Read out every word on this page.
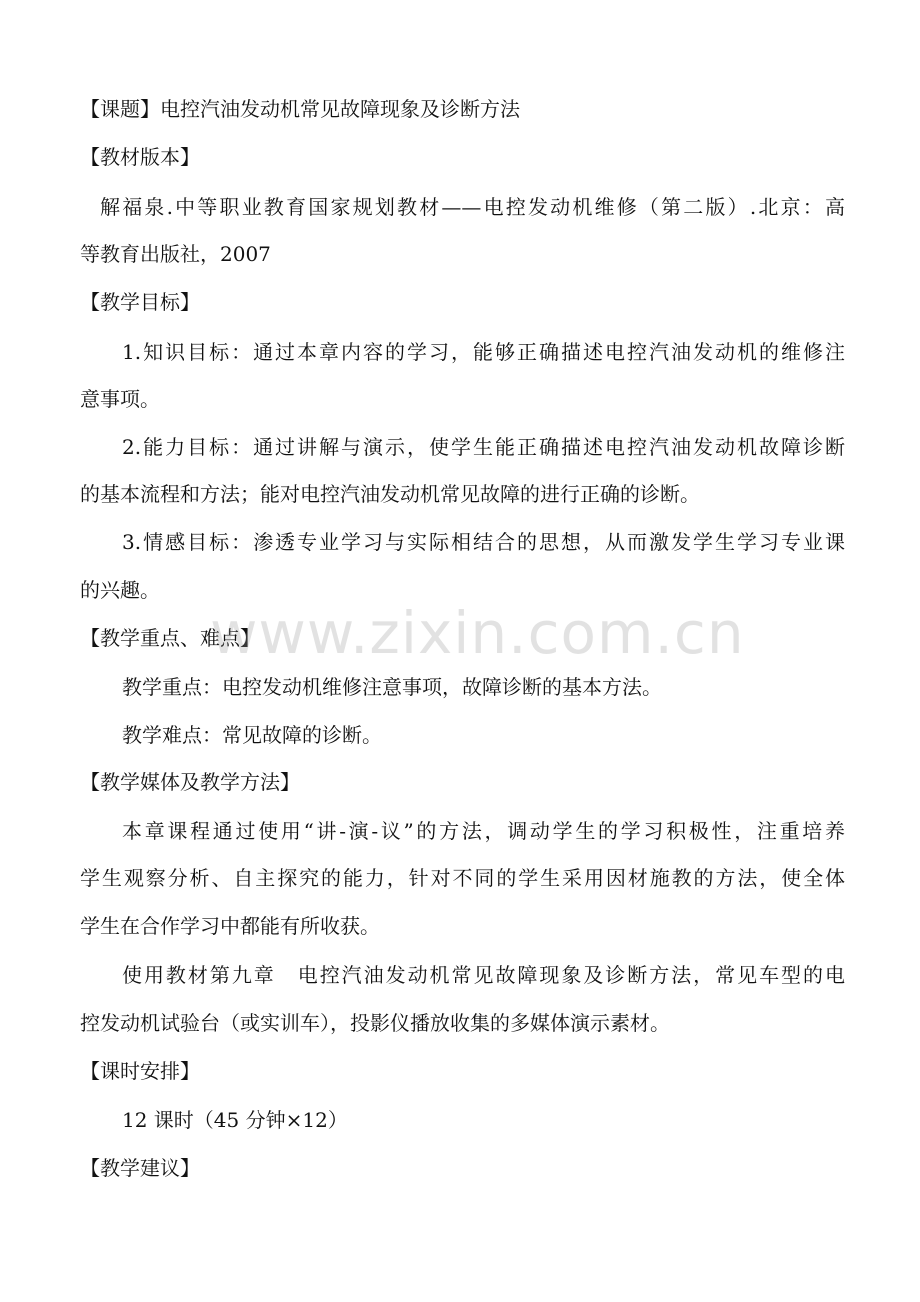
【课题】电控汽油发动机常见故障现象及诊断方法
【教材版本】
解福泉.中等职业教育国家规划教材——电控发动机维修（第二版）.北京：高
等教育出版社，2007
【教学目标】
1.知识目标：通过本章内容的学习，能够正确描述电控汽油发动机的维修注
意事项。
2.能力目标：通过讲解与演示，使学生能正确描述电控汽油发动机故障诊断
的基本流程和方法；能对电控汽油发动机常见故障的进行正确的诊断。
3.情感目标：渗透专业学习与实际相结合的思想，从而激发学生学习专业课
的兴趣。
【教学重点、难点】
教学重点：电控发动机维修注意事项，故障诊断的基本方法。
教学难点：常见故障的诊断。
【教学媒体及教学方法】
本章课程通过使用“讲-演-议”的方法，调动学生的学习积极性，注重培养
学生观察分析、自主探究的能力，针对不同的学生采用因材施教的方法，使全体
学生在合作学习中都能有所收获。
使用教材第九章　电控汽油发动机常见故障现象及诊断方法，常见车型的电
控发动机试验台（或实训车），投影仪播放收集的多媒体演示素材。
【课时安排】
12 课时（45 分钟×12）
【教学建议】
www.zixin.com.cn
